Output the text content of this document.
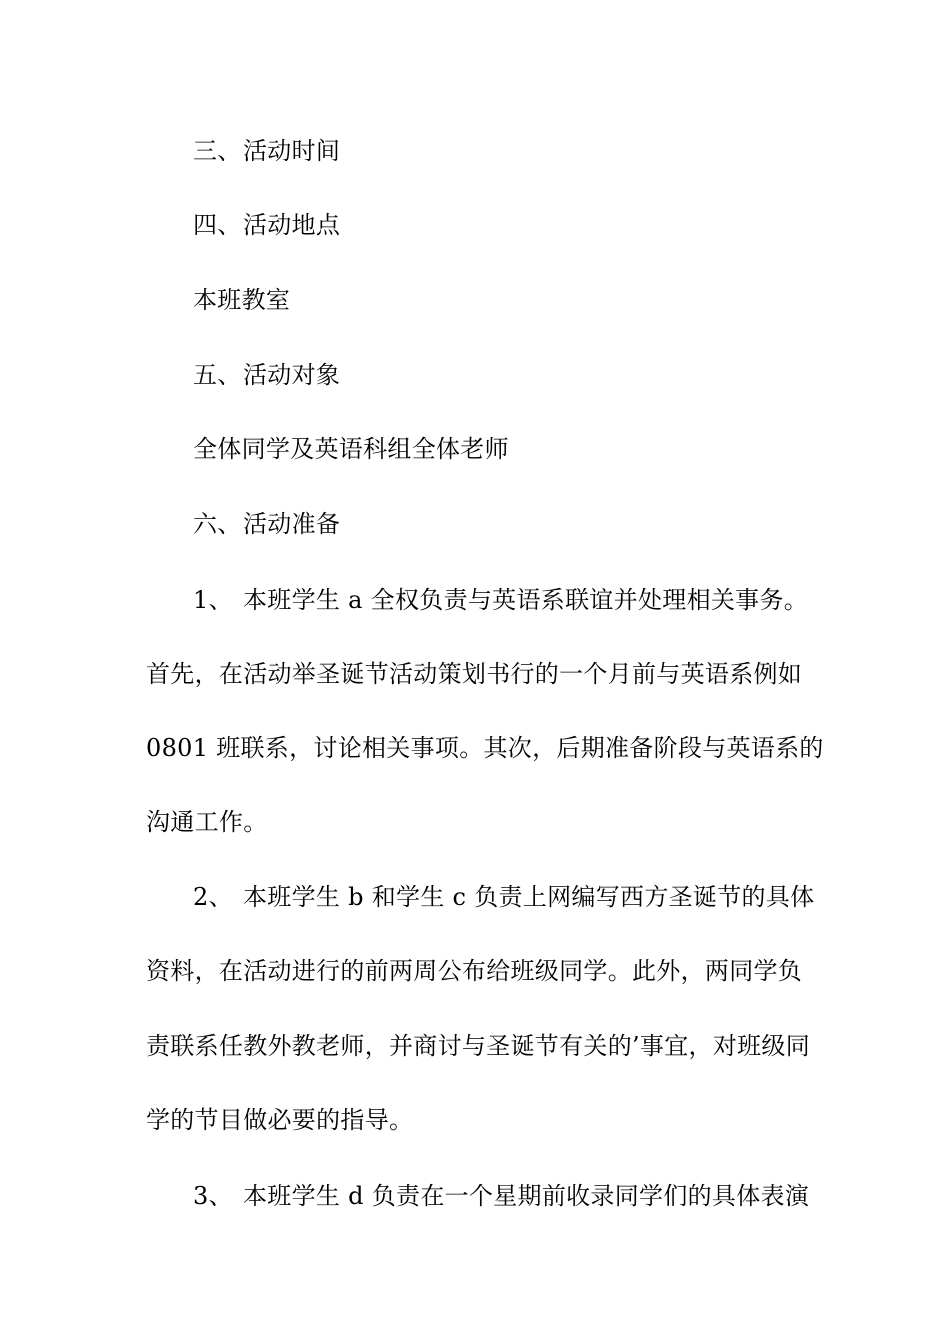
三、活动时间
四、活动地点
本班教室
五、活动对象
全体同学及英语科组全体老师
六、活动准备
1、 本班学生 a 全权负责与英语系联谊并处理相关事务。
首先，在活动举圣诞节活动策划书行的一个月前与英语系例如
0801 班联系，讨论相关事项。其次，后期准备阶段与英语系的
沟通工作。
2、 本班学生 b 和学生 c 负责上网编写西方圣诞节的具体
资料，在活动进行的前两周公布给班级同学。此外，两同学负
责联系任教外教老师，并商讨与圣诞节有关的’事宜，对班级同
学的节目做必要的指导。
3、 本班学生 d 负责在一个星期前收录同学们的具体表演
